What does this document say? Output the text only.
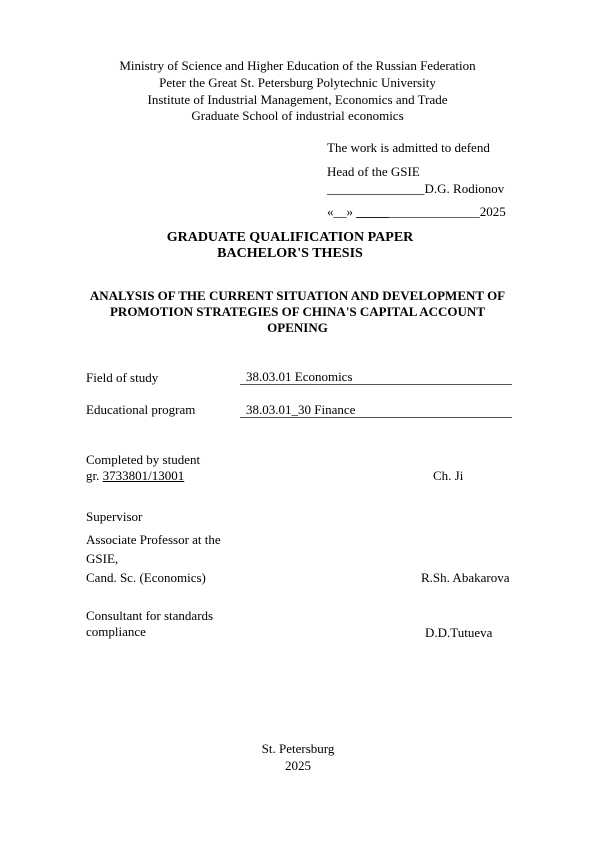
Ministry of Science and Higher Education of the Russian Federation
Peter the Great St. Petersburg Polytechnic University
Institute of Industrial Management, Economics and Trade
Graduate School of industrial economics
The work is admitted to defend
Head of the GSIE
_______________D.G. Rodionov
«__» ___________________2025
GRADUATE QUALIFICATION PAPER
BACHELOR'S THESIS
ANALYSIS OF THE CURRENT SITUATION AND DEVELOPMENT OF
PROMOTION STRATEGIES OF CHINA'S CAPITAL ACCOUNT
OPENING
Field of study	38.03.01 Economics
Educational program	38.03.01_30 Finance
Completed by student
gr. 3733801/13001	Ch. Ji
Supervisor
Associate Professor at the
GSIE,
Cand. Sc. (Economics)	R.Sh. Abakarova
Consultant for standards
compliance	D.D.Tutueva
St. Petersburg
2025
